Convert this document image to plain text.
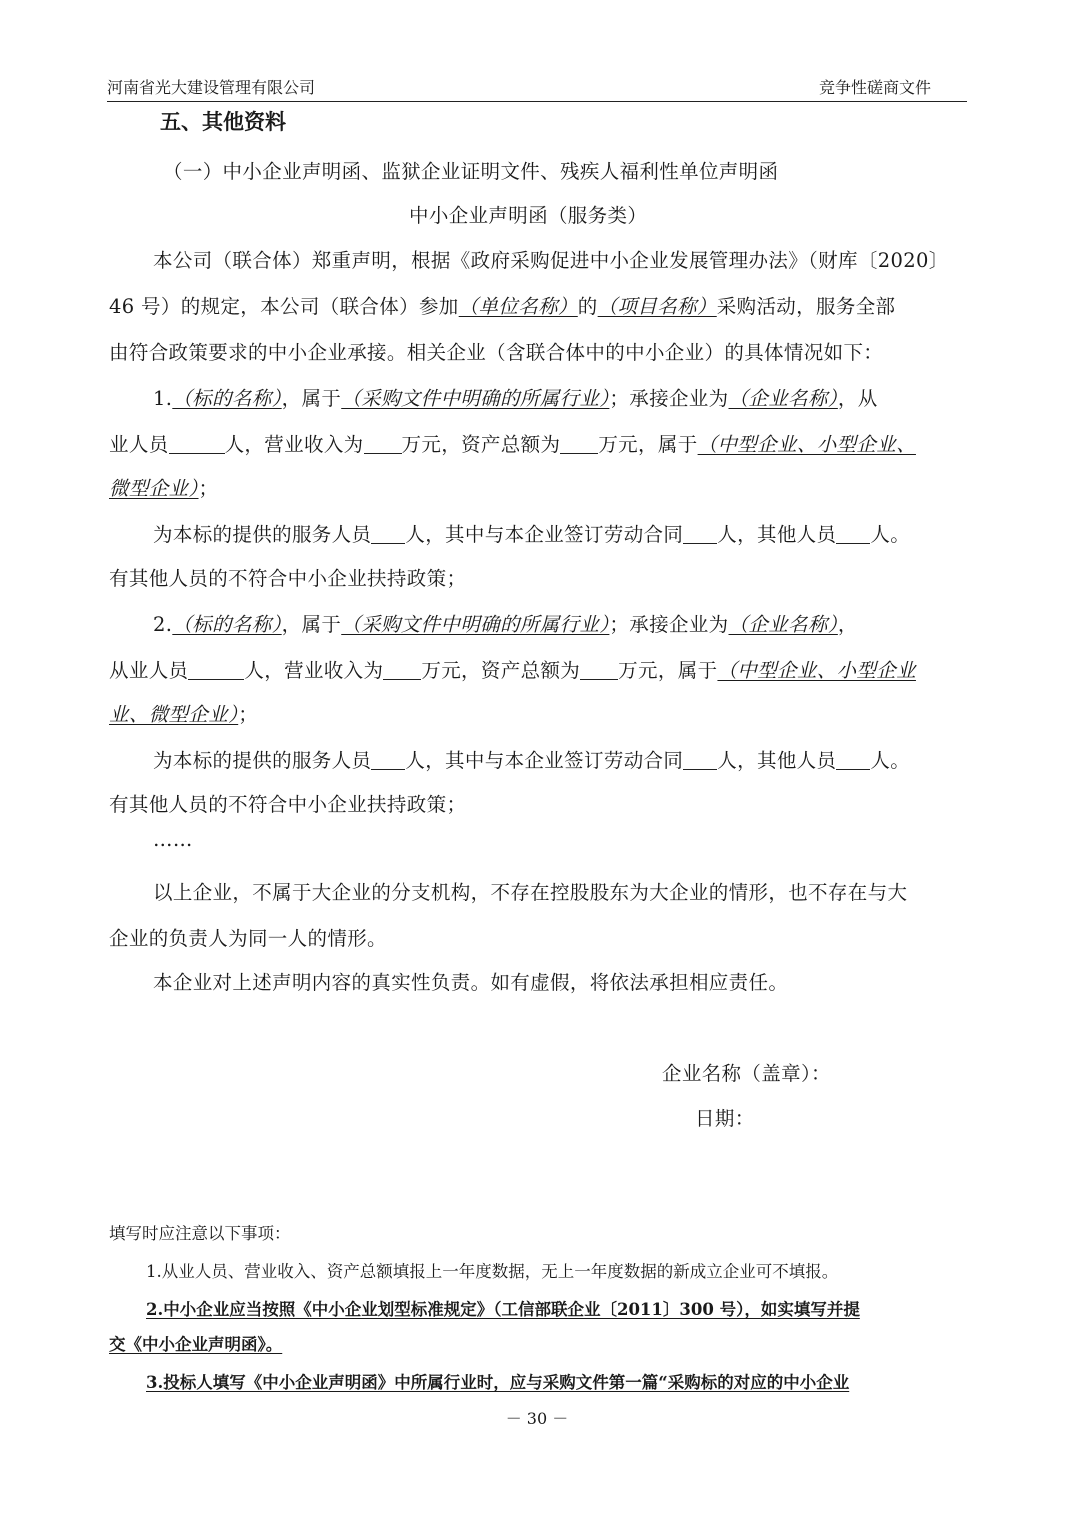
河南省光大建设管理有限公司	竞争性磋商文件
五、其他资料
（一）中小企业声明函、监狱企业证明文件、残疾人福利性单位声明函
中小企业声明函（服务类）
本公司（联合体）郑重声明，根据《政府采购促进中小企业发展管理办法》（财库〔2020〕
46 号）的规定，本公司（联合体）参加（单位名称）的（项目名称）采购活动，服务全部
由符合政策要求的中小企业承接。相关企业（含联合体中的中小企业）的具体情况如下：
1.（标的名称），属于（采购文件中明确的所属行业）；承接企业为（企业名称），从
业人员	人，营业收入为 万元，资产总额为 万元，属于（中型企业、小型企业、
微型企业）；
为本标的提供的服务人员 人，其中与本企业签订劳动合同 人，其他人员 人。
有其他人员的不符合中小企业扶持政策；
2.（标的名称），属于（采购文件中明确的所属行业）；承接企业为（企业名称），
从业人员	人，营业收入为 万元，资产总额为 万元，属于（中型企业、小型企业
业、微型企业）；
为本标的提供的服务人员 人，其中与本企业签订劳动合同 人，其他人员 人。
有其他人员的不符合中小企业扶持政策；
……
以上企业，不属于大企业的分支机构，不存在控股股东为大企业的情形，也不存在与大
企业的负责人为同一人的情形。
本企业对上述声明内容的真实性负责。如有虚假，将依法承担相应责任。
企业名称（盖章）：
日期：
填写时应注意以下事项：
1.从业人员、营业收入、资产总额填报上一年度数据，无上一年度数据的新成立企业可不填报。
2.中小企业应当按照《中小企业划型标准规定》（工信部联企业〔2011〕300 号），如实填写并提
交《中小企业声明函》。
3.投标人填写《中小企业声明函》中所属行业时，应与采购文件第一篇“采购标的对应的中小企业
－ 30 －
